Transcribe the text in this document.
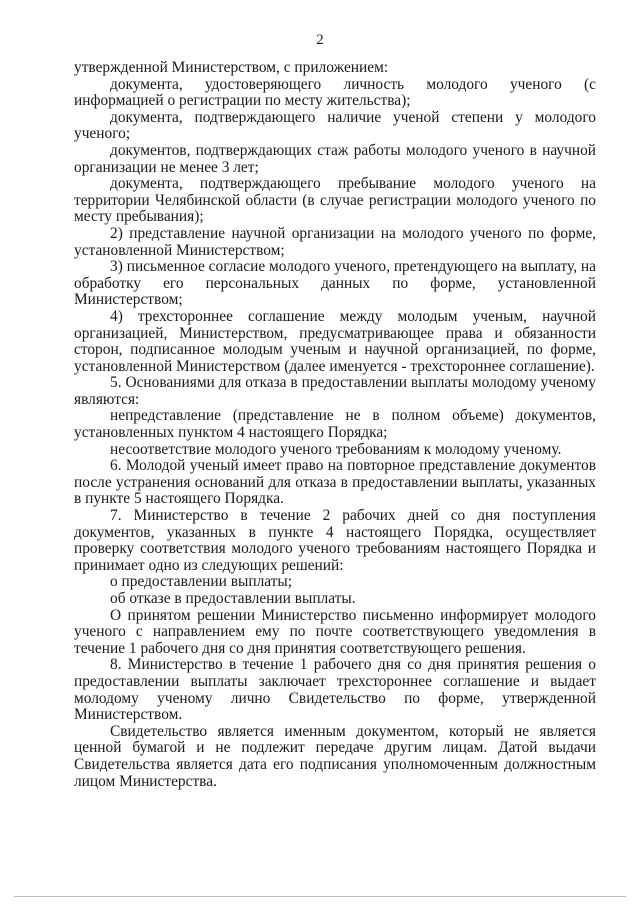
2

утвержденной Министерством, с приложением:

документа, удостоверяющего личность молодого ученого (с информацией о регистрации по месту жительства);

документа, подтверждающего наличие ученой степени у молодого ученого;

документов, подтверждающих стаж работы молодого ученого в научной организации не менее 3 лет;

документа, подтверждающего пребывание молодого ученого на территории Челябинской области (в случае регистрации молодого ученого по месту пребывания);

2) представление научной организации на молодого ученого по форме, установленной Министерством;

3) письменное согласие молодого ученого, претендующего на выплату, на обработку его персональных данных по форме, установленной Министерством;

4) трехстороннее соглашение между молодым ученым, научной организацией, Министерством, предусматривающее права и обязанности сторон, подписанное молодым ученым и научной организацией, по форме, установленной Министерством (далее именуется - трехстороннее соглашение).

5. Основаниями для отказа в предоставлении выплаты молодому ученому являются:

непредставление (представление не в полном объеме) документов, установленных пунктом 4 настоящего Порядка;

несоответствие молодого ученого требованиям к молодому ученому.

6. Молодой ученый имеет право на повторное представление документов после устранения оснований для отказа в предоставлении выплаты, указанных в пункте 5 настоящего Порядка.

7. Министерство в течение 2 рабочих дней со дня поступления документов, указанных в пункте 4 настоящего Порядка, осуществляет проверку соответствия молодого ученого требованиям настоящего Порядка и принимает одно из следующих решений:

о предоставлении выплаты;

об отказе в предоставлении выплаты.

О принятом решении Министерство письменно информирует молодого ученого с направлением ему по почте соответствующего уведомления в течение 1 рабочего дня со дня принятия соответствующего решения.

8. Министерство в течение 1 рабочего дня со дня принятия решения о предоставлении выплаты заключает трехстороннее соглашение и выдает молодому ученому лично Свидетельство по форме, утвержденной Министерством.

Свидетельство является именным документом, который не является ценной бумагой и не подлежит передаче другим лицам. Датой выдачи Свидетельства является дата его подписания уполномоченным должностным лицом Министерства.
